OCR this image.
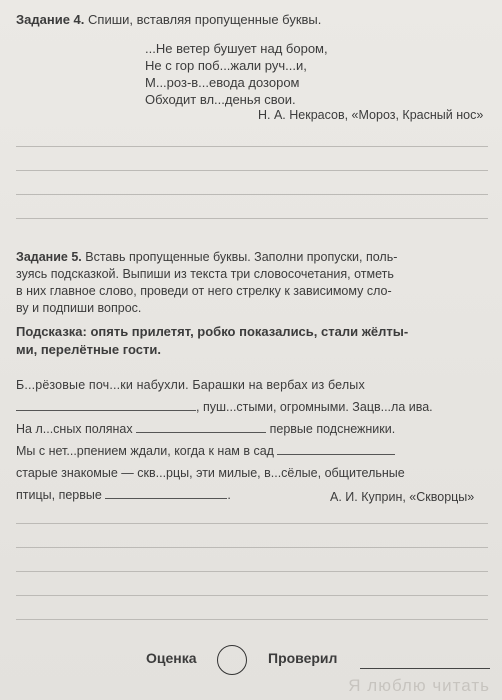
Задание 4. Спиши, вставляя пропущенные буквы.
...Не ветер бушует над бором,
Не с гор поб...жали руч...и,
М...роз-в...евода дозором
Обходит вл...денья свои.
Н. А. Некрасов, «Мороз, Красный нос»
Задание 5. Вставь пропущенные буквы. Заполни пропуски, поль-
зуясь подсказкой. Выпиши из текста три словосочетания, отметь
в них главное слово, проведи от него стрелку к зависимому сло-
ву и подпиши вопрос.
Подсказка: опять прилетят, робко показались, стали жёлты-
ми, перелётные гости.
Б...рёзовые поч...ки набухли. Барашки на вербах из белых
, пуш...стыми, огромными. Зацв...ла ива.
На л...сных полянах	первые подснежники.
Мы с нет...рпением ждали, когда к нам в сад
старые знакомые — скв...рцы, эти милые, в...сёлые, общительные
птицы, первые	.	А. И. Куприн, «Скворцы»
Оценка	Проверил
Я люблю читать
